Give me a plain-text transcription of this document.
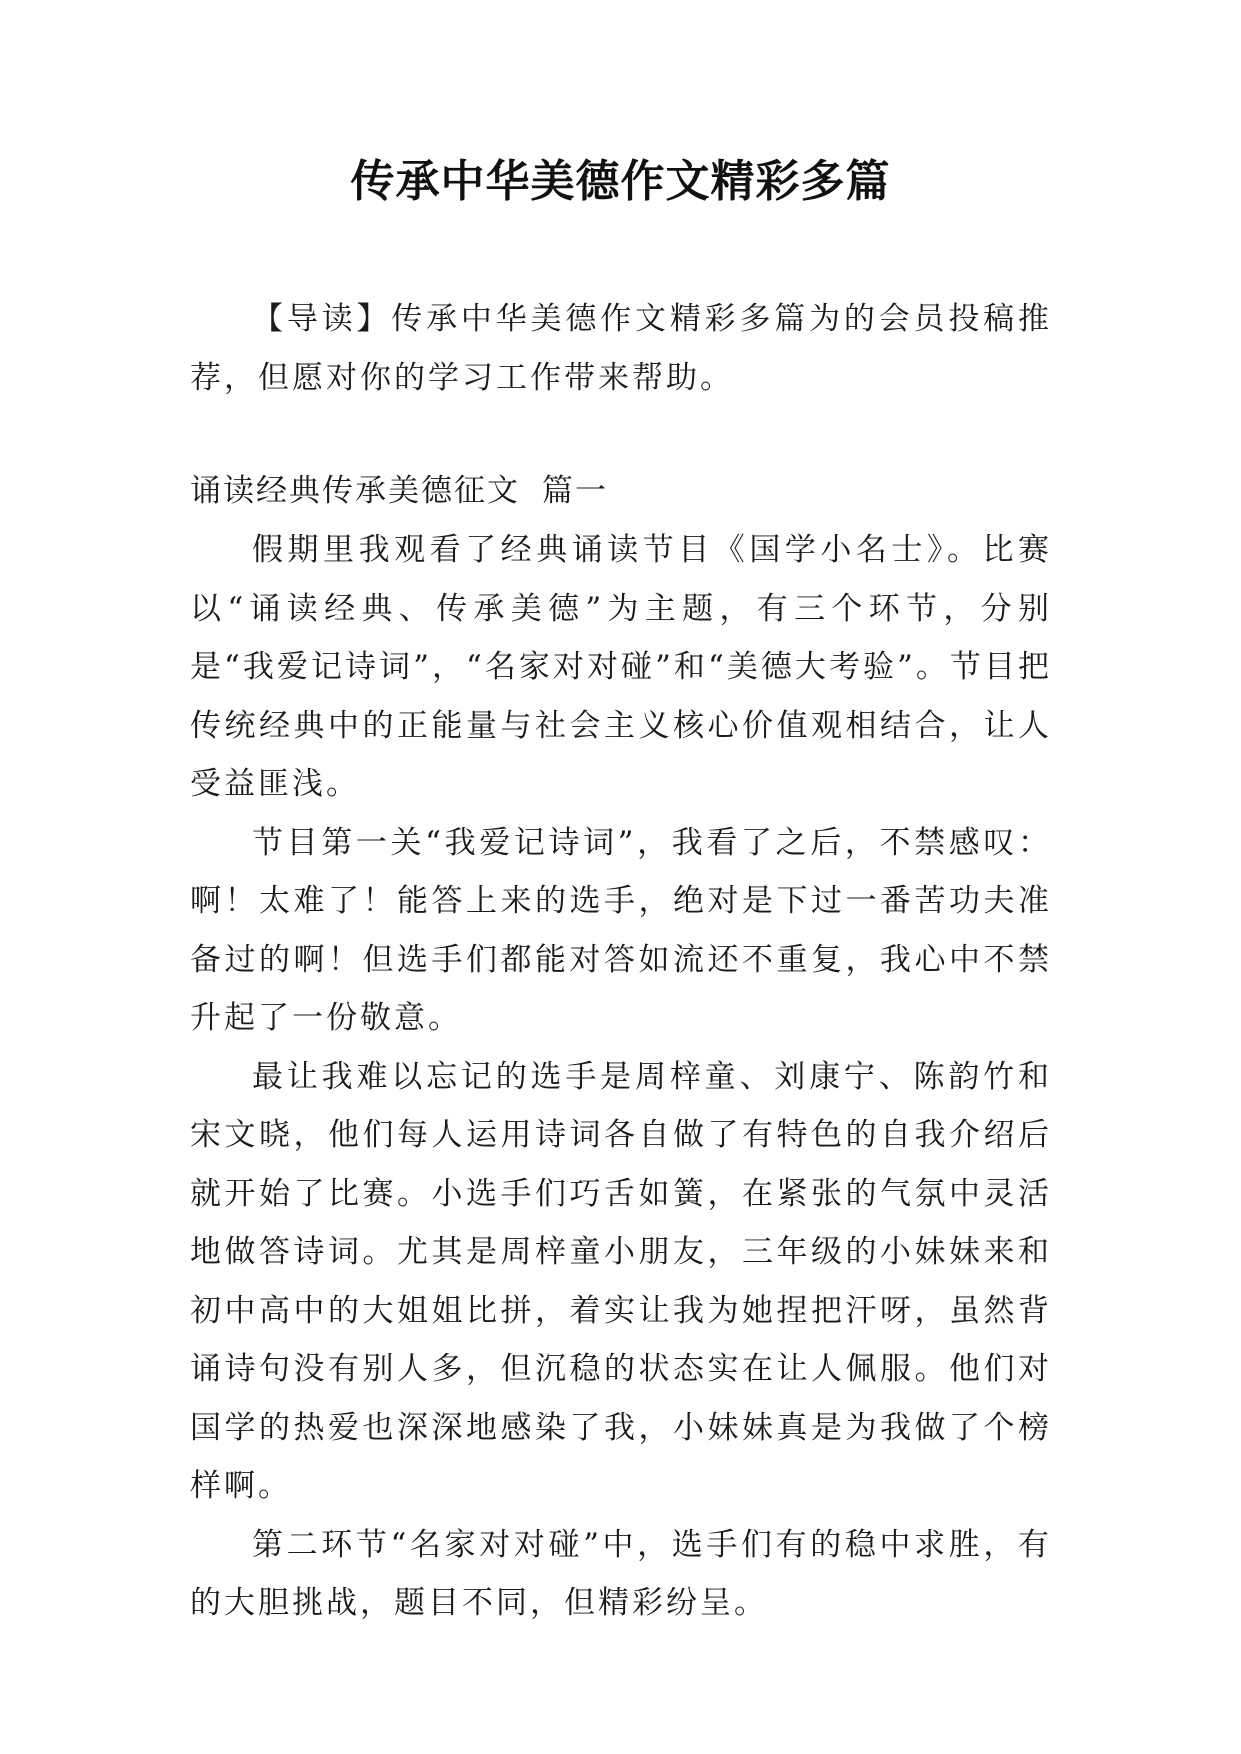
传承中华美德作文精彩多篇

【导读】传承中华美德作文精彩多篇为的会员投稿推荐，但愿对你的学习工作带来帮助。

诵读经典传承美德征文 篇一

假期里我观看了经典诵读节目《国学小名士》。比赛以“诵读经典、传承美德”为主题，有三个环节，分别是“我爱记诗词”，“名家对对碰”和“美德大考验”。节目把传统经典中的正能量与社会主义核心价值观相结合，让人受益匪浅。

节目第一关“我爱记诗词”，我看了之后，不禁感叹：啊！太难了！能答上来的选手，绝对是下过一番苦功夫准备过的啊！但选手们都能对答如流还不重复，我心中不禁升起了一份敬意。

最让我难以忘记的选手是周梓童、刘康宁、陈韵竹和宋文晓，他们每人运用诗词各自做了有特色的自我介绍后就开始了比赛。小选手们巧舌如簧，在紧张的气氛中灵活地做答诗词。尤其是周梓童小朋友，三年级的小妹妹来和初中高中的大姐姐比拼，着实让我为她捏把汗呀，虽然背诵诗句没有别人多，但沉稳的状态实在让人佩服。他们对国学的热爱也深深地感染了我，小妹妹真是为我做了个榜样啊。

第二环节“名家对对碰”中，选手们有的稳中求胜，有的大胆挑战，题目不同，但精彩纷呈。
